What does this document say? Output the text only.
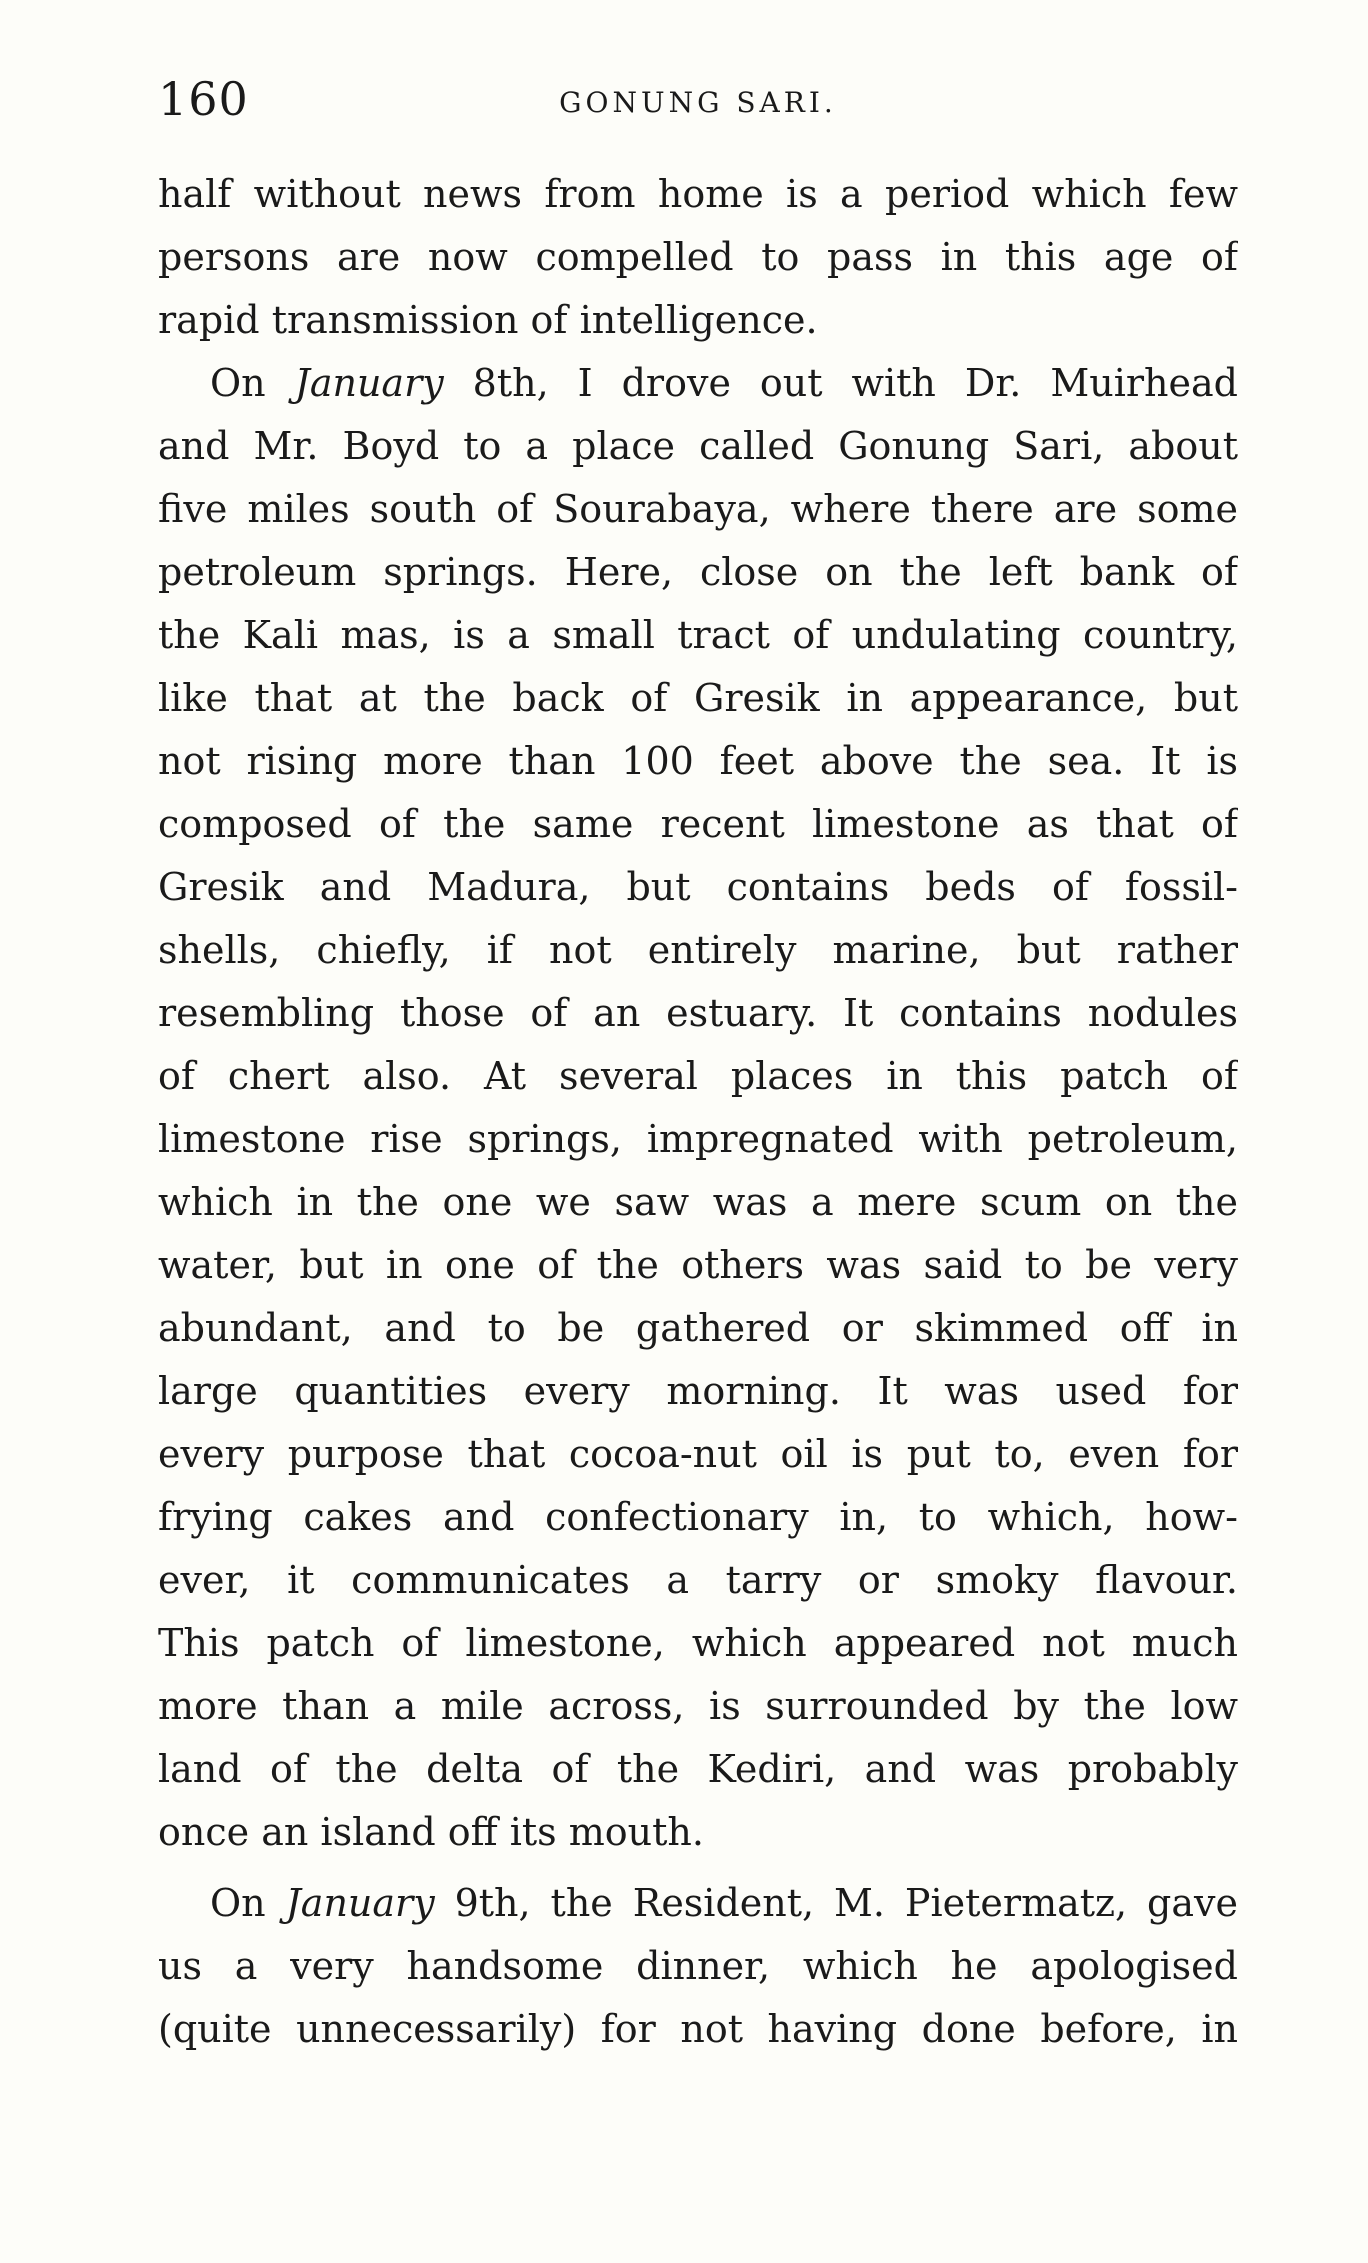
160	GONUNG SARI.
half without news from home is a period which few
persons are now compelled to pass in this age of
rapid transmission of intelligence.
On January 8th, I drove out with Dr. Muirhead
and Mr. Boyd to a place called Gonung Sari, about
five miles south of Sourabaya, where there are some
petroleum springs. Here, close on the left bank of
the Kali mas, is a small tract of undulating country,
like that at the back of Gresik in appearance, but
not rising more than 100 feet above the sea. It is
composed of the same recent limestone as that of
Gresik and Madura, but contains beds of fossil-
shells, chiefly, if not entirely marine, but rather
resembling those of an estuary. It contains nodules
of chert also. At several places in this patch of
limestone rise springs, impregnated with petroleum,
which in the one we saw was a mere scum on the
water, but in one of the others was said to be very
abundant, and to be gathered or skimmed off in
large quantities every morning. It was used for
every purpose that cocoa-nut oil is put to, even for
frying cakes and confectionary in, to which, how-
ever, it communicates a tarry or smoky flavour.
This patch of limestone, which appeared not much
more than a mile across, is surrounded by the low
land of the delta of the Kediri, and was probably
once an island off its mouth.
On January 9th, the Resident, M. Pietermatz, gave
us a very handsome dinner, which he apologised
(quite unnecessarily) for not having done before, in
